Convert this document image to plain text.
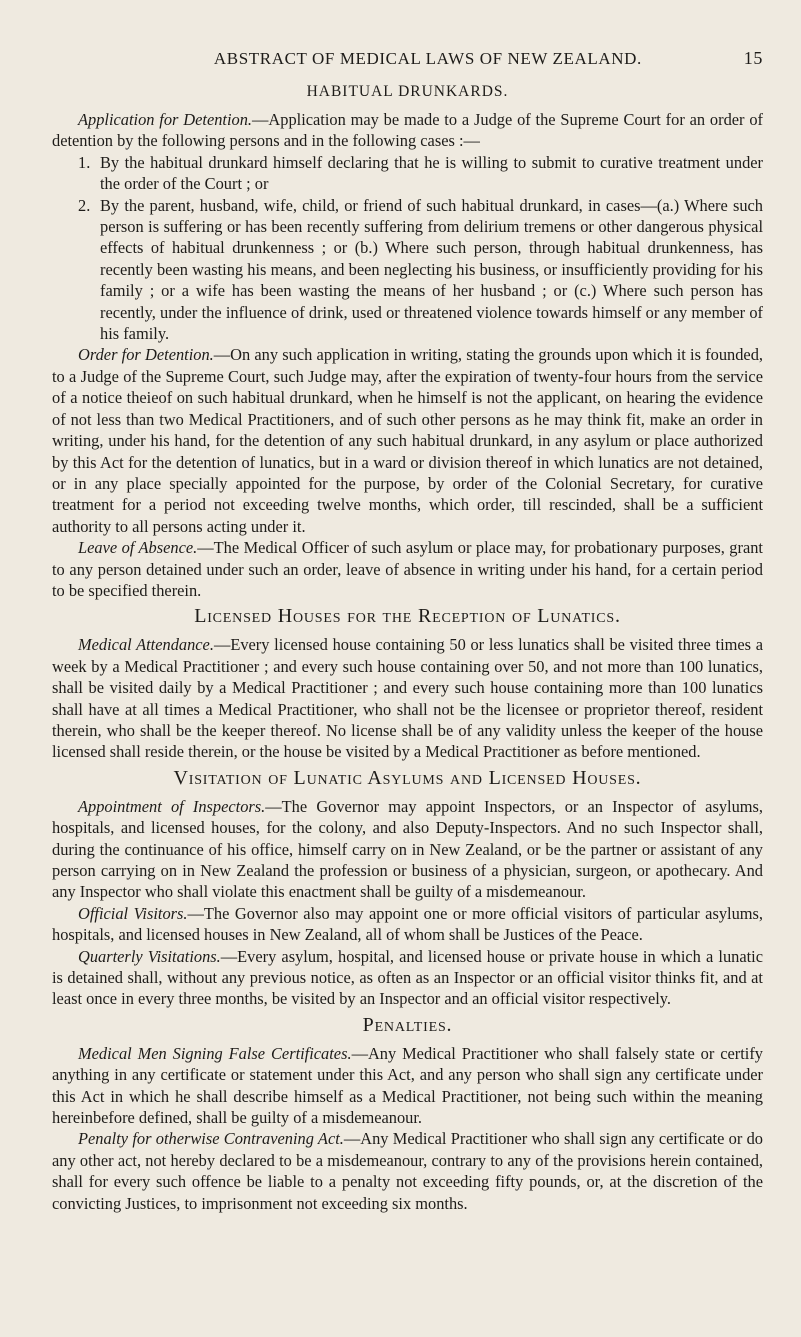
ABSTRACT OF MEDICAL LAWS OF NEW ZEALAND.	15
HABITUAL DRUNKARDS.

Application for Detention.—Application may be made to a Judge of the Supreme Court for an order of detention by the following persons and in the following cases :—

1. By the habitual drunkard himself declaring that he is willing to submit to curative treatment under the order of the Court ; or
2. By the parent, husband, wife, child, or friend of such habitual drunkard, in cases—(a.) Where such person is suffering or has been recently suffering from delirium tremens or other dangerous physical effects of habitual drunkenness ; or (b.) Where such person, through habitual drunkenness, has recently been wasting his means, and been neglecting his business, or insufficiently providing for his family ; or a wife has been wasting the means of her husband ; or (c.) Where such person has recently, under the influence of drink, used or threatened violence towards himself or any member of his family.

Order for Detention.—On any such application in writing, stating the grounds upon which it is founded, to a Judge of the Supreme Court, such Judge may, after the expiration of twenty-four hours from the service of a notice theieof on such habitual drunkard, when he himself is not the applicant, on hearing the evidence of not less than two Medical Practitioners, and of such other persons as he may think fit, make an order in writing, under his hand, for the detention of any such habitual drunkard, in any asylum or place authorized by this Act for the detention of lunatics, but in a ward or division thereof in which lunatics are not detained, or in any place specially appointed for the purpose, by order of the Colonial Secretary, for curative treatment for a period not exceeding twelve months, which order, till rescinded, shall be a sufficient authority to all persons acting under it.

Leave of Absence.—The Medical Officer of such asylum or place may, for probationary purposes, grant to any person detained under such an order, leave of absence in writing under his hand, for a certain period to be specified therein.

Licensed Houses for the Reception of Lunatics.

Medical Attendance.—Every licensed house containing 50 or less lunatics shall be visited three times a week by a Medical Practitioner ; and every such house containing over 50, and not more than 100 lunatics, shall be visited daily by a Medical Practitioner ; and every such house containing more than 100 lunatics shall have at all times a Medical Practitioner, who shall not be the licensee or proprietor thereof, resident therein, who shall be the keeper thereof. No license shall be of any validity unless the keeper of the house licensed shall reside therein, or the house be visited by a Medical Practitioner as before mentioned.

Visitation of Lunatic Asylums and Licensed Houses.

Appointment of Inspectors.—The Governor may appoint Inspectors, or an Inspector of asylums, hospitals, and licensed houses, for the colony, and also Deputy-Inspectors. And no such Inspector shall, during the continuance of his office, himself carry on in New Zealand, or be the partner or assistant of any person carrying on in New Zealand the profession or business of a physician, surgeon, or apothecary. And any Inspector who shall violate this enactment shall be guilty of a misdemeanour.

Official Visitors.—The Governor also may appoint one or more official visitors of particular asylums, hospitals, and licensed houses in New Zealand, all of whom shall be Justices of the Peace.

Quarterly Visitations.—Every asylum, hospital, and licensed house or private house in which a lunatic is detained shall, without any previous notice, as often as an Inspector or an official visitor thinks fit, and at least once in every three months, be visited by an Inspector and an official visitor respectively.

Penalties.

Medical Men Signing False Certificates.—Any Medical Practitioner who shall falsely state or certify anything in any certificate or statement under this Act, and any person who shall sign any certificate under this Act in which he shall describe himself as a Medical Practitioner, not being such within the meaning hereinbefore defined, shall be guilty of a misdemeanour.

Penalty for otherwise Contravening Act.—Any Medical Practitioner who shall sign any certificate or do any other act, not hereby declared to be a misdemeanour, contrary to any of the provisions herein contained, shall for every such offence be liable to a penalty not exceeding fifty pounds, or, at the discretion of the convicting Justices, to imprisonment not exceeding six months.
